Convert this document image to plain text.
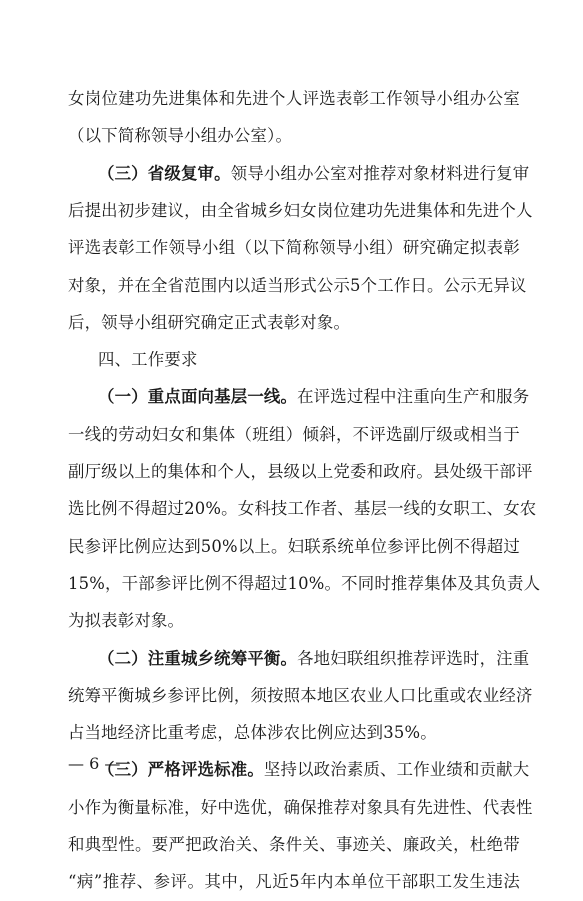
女岗位建功先进集体和先进个人评选表彰工作领导小组办公室
（以下简称领导小组办公室）。
（三）省级复审。领导小组办公室对推荐对象材料进行复审
后提出初步建议，由全省城乡妇女岗位建功先进集体和先进个人
评选表彰工作领导小组（以下简称领导小组）研究确定拟表彰
对象，并在全省范围内以适当形式公示5个工作日。公示无异议
后，领导小组研究确定正式表彰对象。
四、工作要求
（一）重点面向基层一线。在评选过程中注重向生产和服务
一线的劳动妇女和集体（班组）倾斜，不评选副厅级或相当于
副厅级以上的集体和个人，县级以上党委和政府。县处级干部评
选比例不得超过20%。女科技工作者、基层一线的女职工、女农
民参评比例应达到50%以上。妇联系统单位参评比例不得超过
15%，干部参评比例不得超过10%。不同时推荐集体及其负责人
为拟表彰对象。
（二）注重城乡统筹平衡。各地妇联组织推荐评选时，注重
统筹平衡城乡参评比例，须按照本地区农业人口比重或农业经济
占当地经济比重考虑，总体涉农比例应达到35%。
（三）严格评选标准。坚持以政治素质、工作业绩和贡献大
小作为衡量标准，好中选优，确保推荐对象具有先进性、代表性
和典型性。要严把政治关、条件关、事迹关、廉政关，杜绝带
“病”推荐、参评。其中，凡近5年内本单位干部职工发生违法
— 6 —
